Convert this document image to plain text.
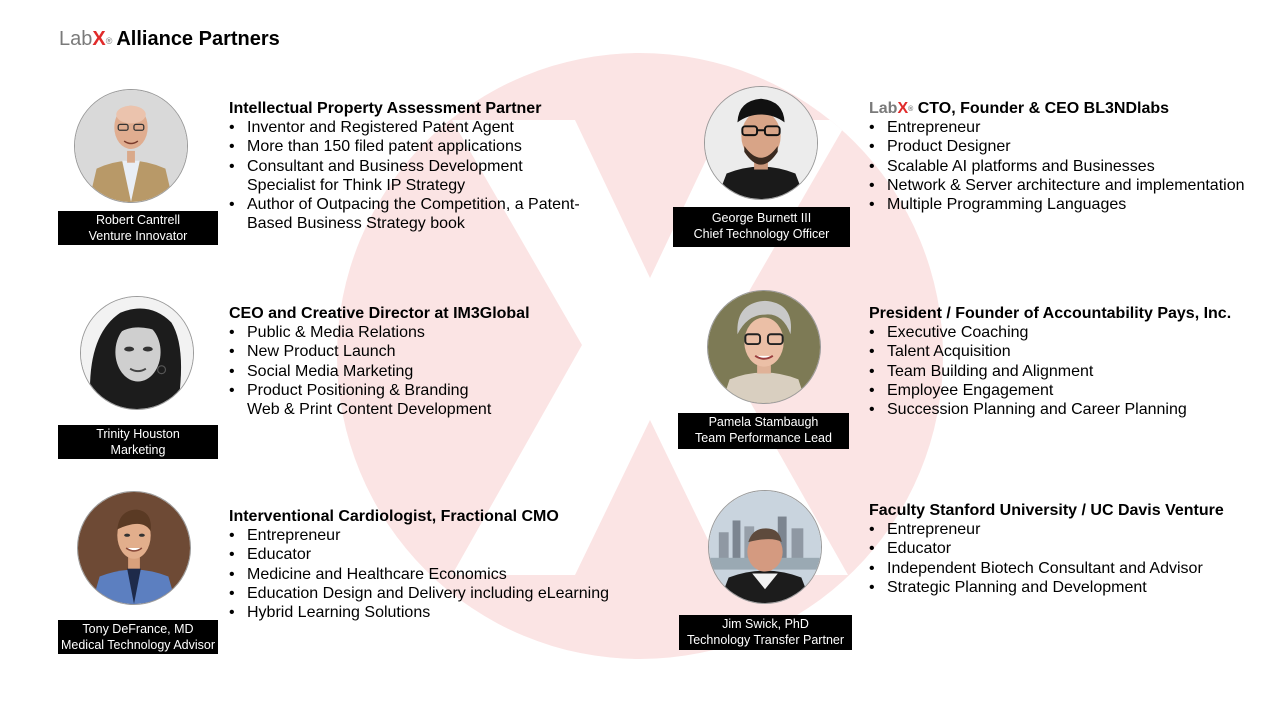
LabX® Alliance Partners
Robert Cantrell
Venture Innovator
Intellectual Property Assessment Partner
• Inventor and Registered Patent Agent
• More than 150 filed patent applications
• Consultant and Business Development
Specialist for Think IP Strategy
• Author of Outpacing the Competition, a Patent-
Based Business Strategy book
Trinity Houston
Marketing
CEO and Creative Director at IM3Global
• Public & Media Relations
• New Product Launch
• Social Media Marketing
• Product Positioning & Branding
Web & Print Content Development
Tony DeFrance, MD
Medical Technology Advisor
Interventional Cardiologist, Fractional CMO
• Entrepreneur
• Educator
• Medicine and Healthcare Economics
• Education Design and Delivery including eLearning
• Hybrid Learning Solutions
George Burnett III
Chief Technology Officer
LabX® CTO, Founder & CEO BL3NDlabs
• Entrepreneur
• Product Designer
• Scalable AI platforms and Businesses
• Network & Server architecture and implementation
• Multiple Programming Languages
Pamela Stambaugh
Team Performance Lead
President / Founder of Accountability Pays, Inc.
• Executive Coaching
• Talent Acquisition
• Team Building and Alignment
• Employee Engagement
• Succession Planning and Career Planning
Jim Swick, PhD
Technology Transfer Partner
Faculty Stanford University / UC Davis Venture
• Entrepreneur
• Educator
• Independent Biotech Consultant and Advisor
• Strategic Planning and Development
